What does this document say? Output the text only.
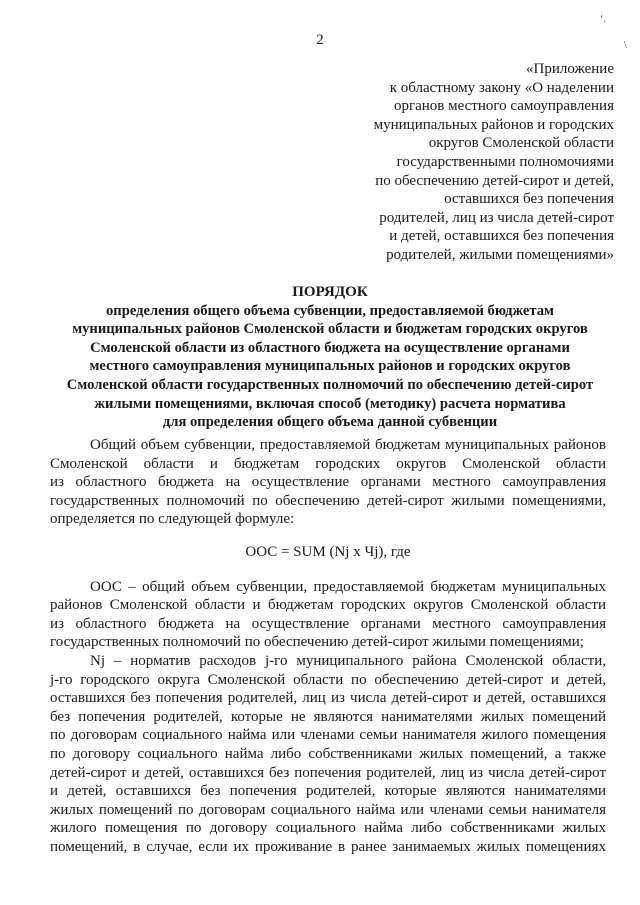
‘.
\
2
«Приложение
к областному закону «О наделении
органов местного самоуправления
муниципальных районов и городских
округов Смоленской области
государственными полномочиями
по обеспечению детей-сирот и детей,
оставшихся без попечения
родителей, лиц из числа детей-сирот
и детей, оставшихся без попечения
родителей, жилыми помещениями»
ПОРЯДОК
определения общего объема субвенции, предоставляемой бюджетам
муниципальных районов Смоленской области и бюджетам городских округов
Смоленской области из областного бюджета на осуществление органами
местного самоуправления муниципальных районов и городских округов
Смоленской области государственных полномочий по обеспечению детей-сирот
жилыми помещениями, включая способ (методику) расчета норматива
для определения общего объема данной субвенции
Общий объем субвенции, предоставляемой бюджетам муниципальных районов
Смоленской области и бюджетам городских округов Смоленской области
из областного бюджета на осуществление органами местного самоуправления
государственных полномочий по обеспечению детей-сирот жилыми помещениями,
определяется по следующей формуле:
ООС = SUM (Nj x Чj), где
ООС – общий объем субвенции, предоставляемой бюджетам муниципальных
районов Смоленской области и бюджетам городских округов Смоленской области
из областного бюджета на осуществление органами местного самоуправления
государственных полномочий по обеспечению детей-сирот жилыми помещениями;
Nj – норматив расходов j-го муниципального района Смоленской области,
j-го городского округа Смоленской области по обеспечению детей-сирот и детей,
оставшихся без попечения родителей, лиц из числа детей-сирот и детей, оставшихся
без попечения родителей, которые не являются нанимателями жилых помещений
по договорам социального найма или членами семьи нанимателя жилого помещения
по договору социального найма либо собственниками жилых помещений, а также
детей-сирот и детей, оставшихся без попечения родителей, лиц из числа детей-сирот
и детей, оставшихся без попечения родителей, которые являются нанимателями
жилых помещений по договорам социального найма или членами семьи нанимателя
жилого помещения по договору социального найма либо собственниками жилых
помещений, в случае, если их проживание в ранее занимаемых жилых помещениях
